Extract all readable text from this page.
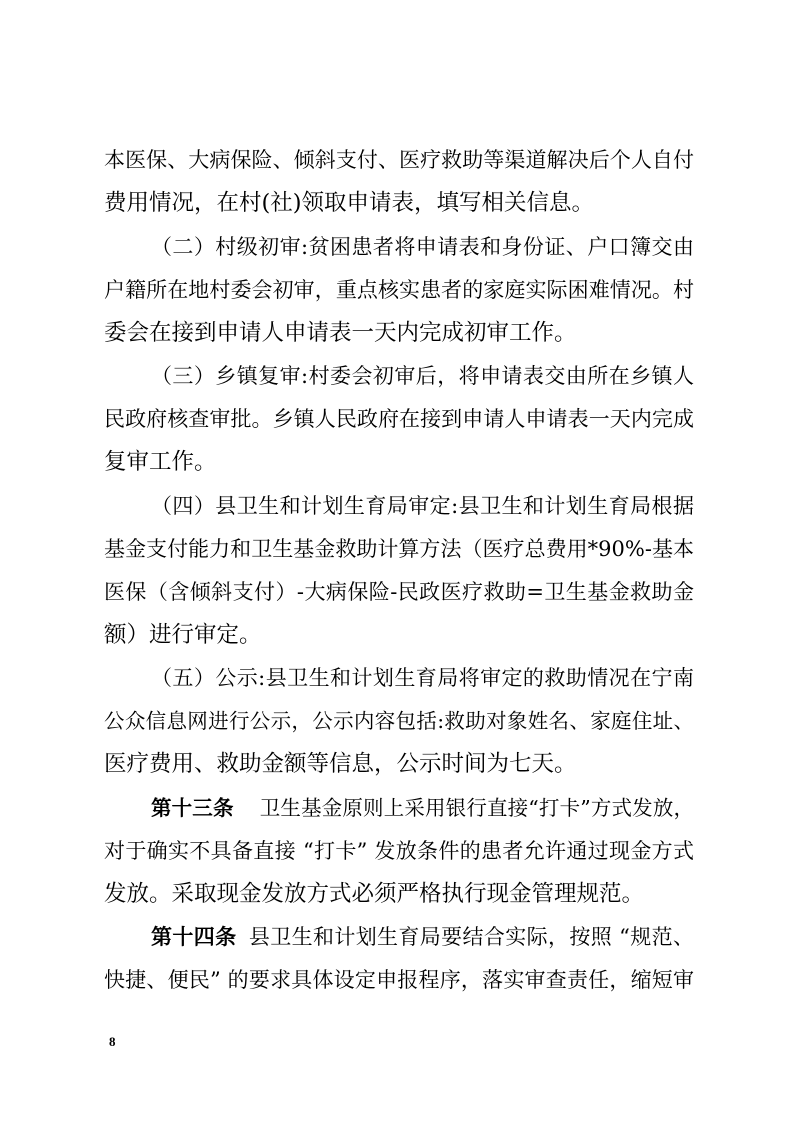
本医保、大病保险、倾斜支付、医疗救助等渠道解决后个人自付
费用情况，在村(社)领取申请表，填写相关信息。
（二）村级初审:贫困患者将申请表和身份证、户口簿交由
户籍所在地村委会初审，重点核实患者的家庭实际困难情况。村
委会在接到申请人申请表一天内完成初审工作。
（三）乡镇复审:村委会初审后，将申请表交由所在乡镇人
民政府核查审批。乡镇人民政府在接到申请人申请表一天内完成
复审工作。
（四）县卫生和计划生育局审定:县卫生和计划生育局根据
基金支付能力和卫生基金救助计算方法（医疗总费用*90%-基本
医保（含倾斜支付）-大病保险-民政医疗救助=卫生基金救助金
额）进行审定。
（五）公示:县卫生和计划生育局将审定的救助情况在宁南
公众信息网进行公示，公示内容包括:救助对象姓名、家庭住址、
医疗费用、救助金额等信息，公示时间为七天。
第十三条 卫生基金原则上采用银行直接“打卡”方式发放，
对于确实不具备直接 “打卡” 发放条件的患者允许通过现金方式
发放。采取现金发放方式必须严格执行现金管理规范。
第十四条 县卫生和计划生育局要结合实际，按照 “规范、
快捷、便民” 的要求具体设定申报程序，落实审查责任，缩短审
8
